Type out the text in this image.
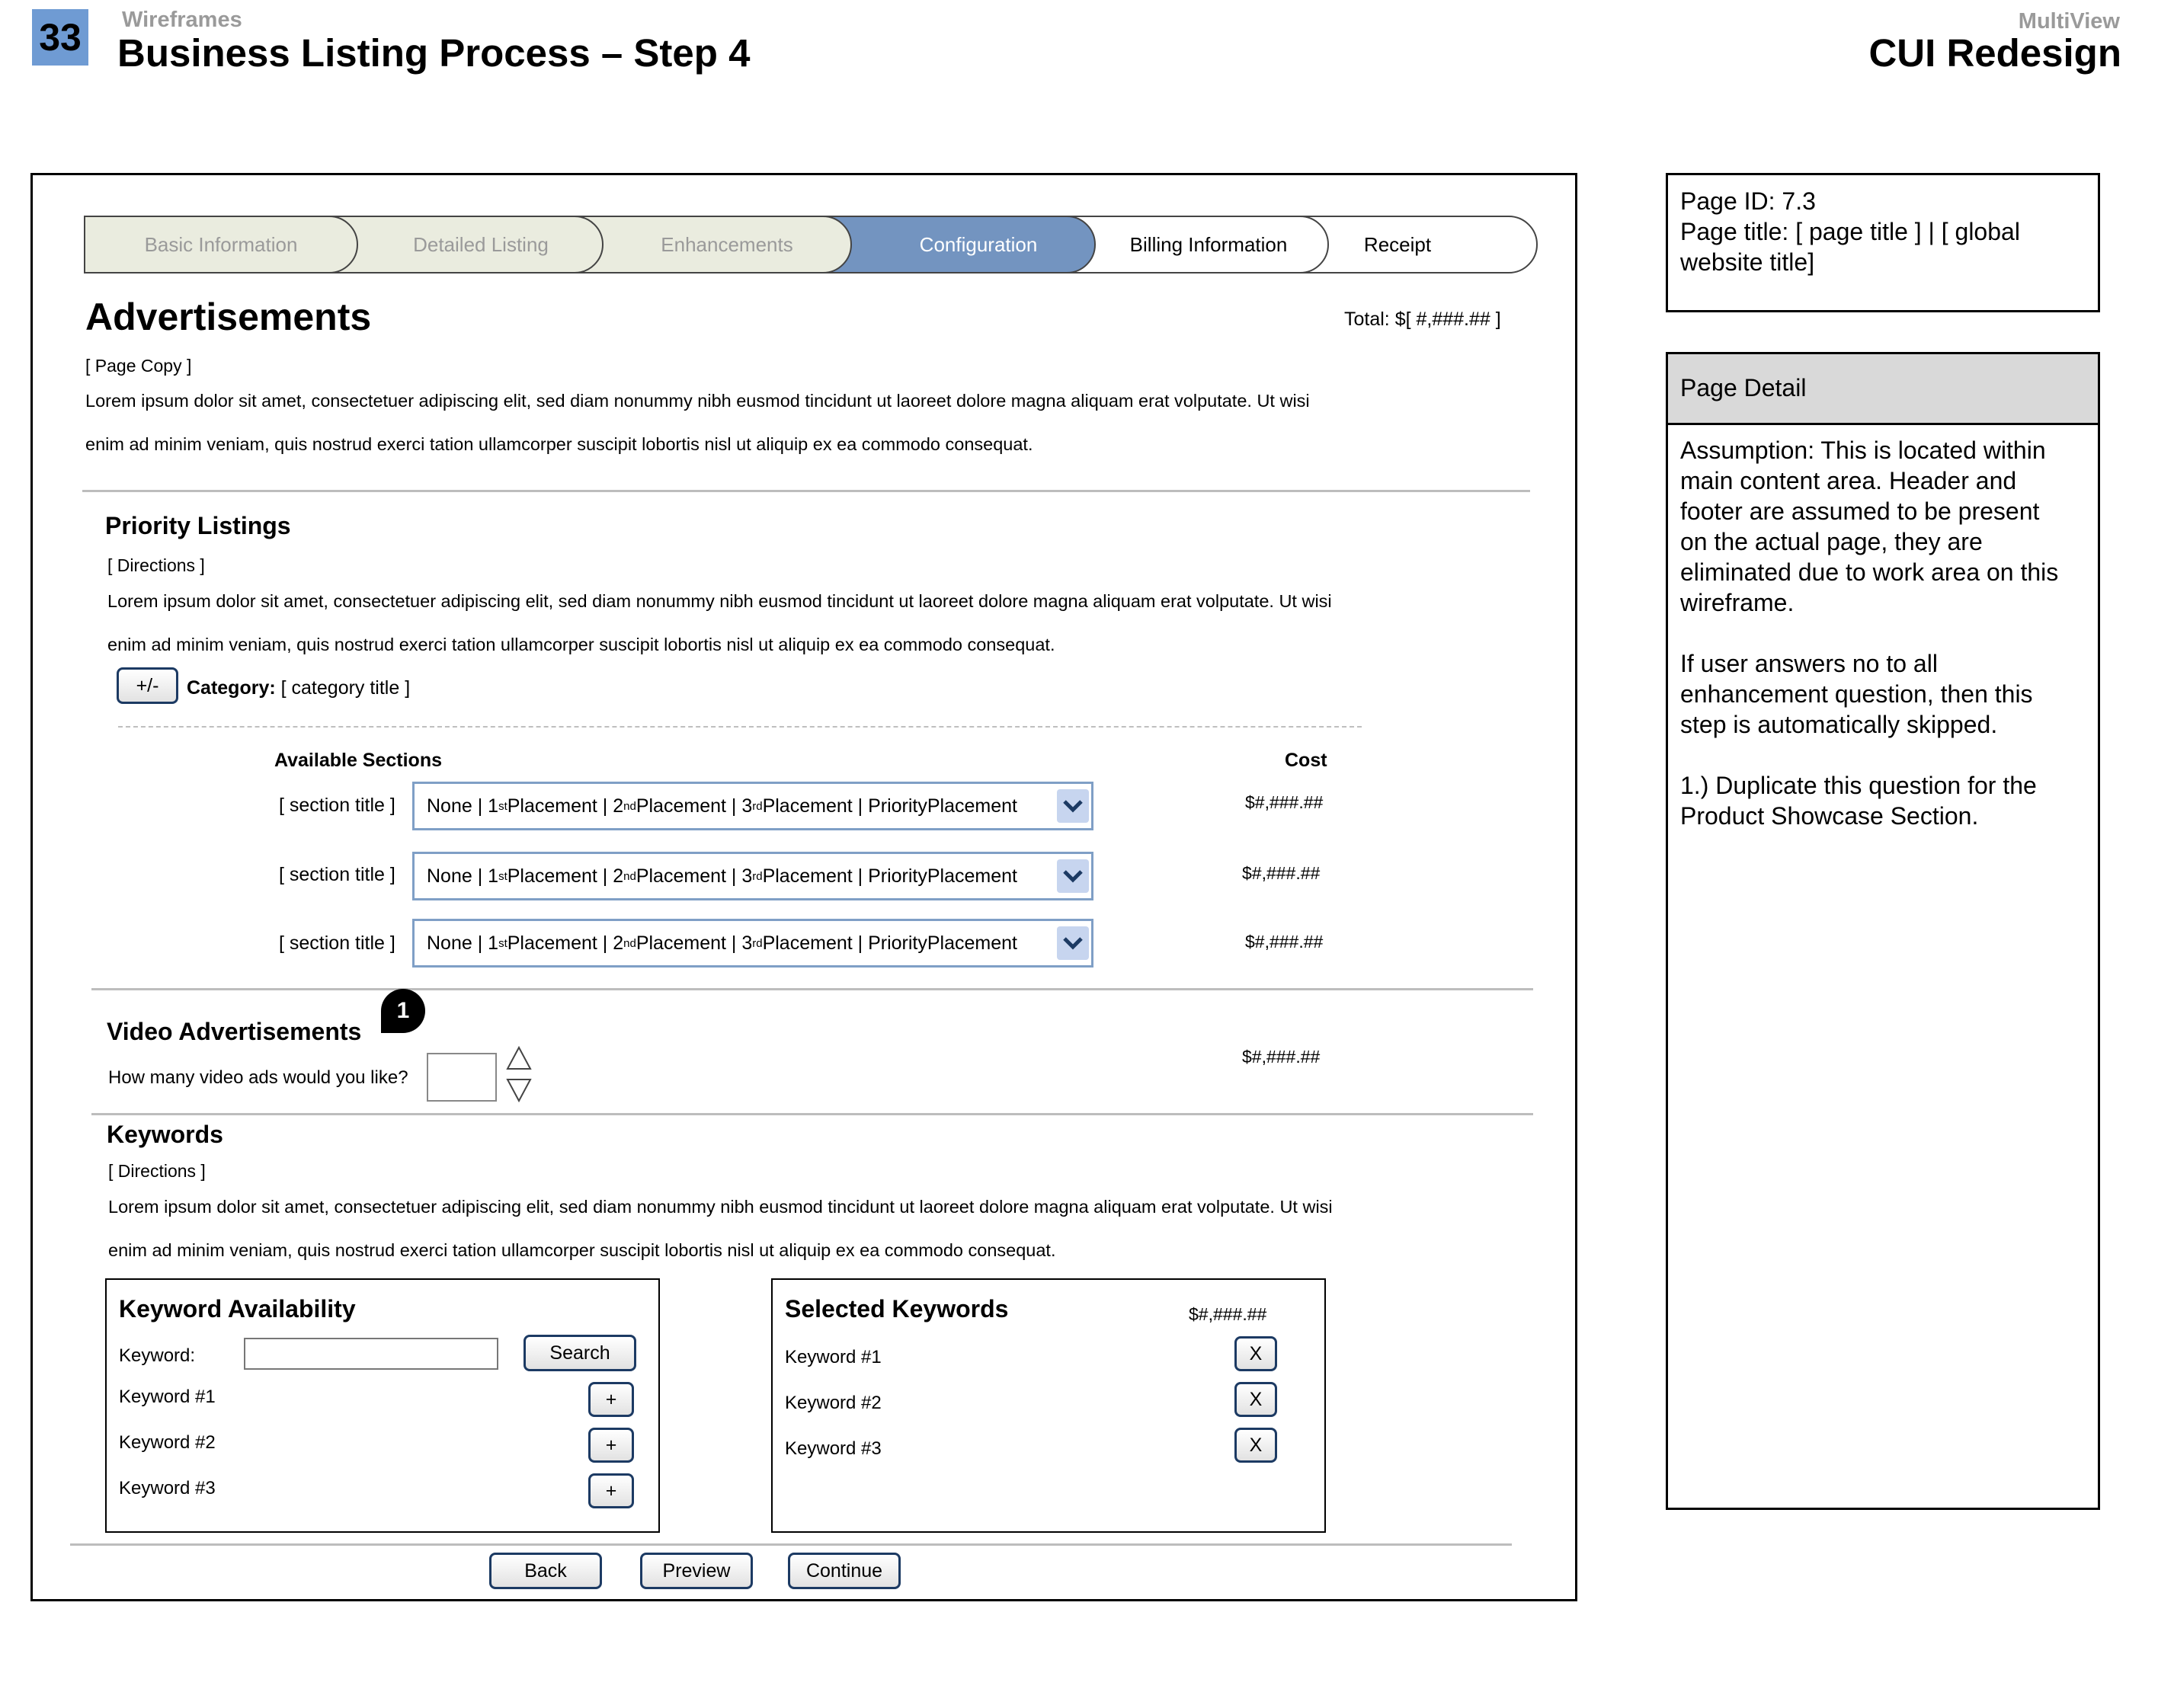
33	Wireframes
Business Listing Process – Step 4
MultiView
CUI Redesign
Receipt
Billing Information
Configuration
Enhancements
Detailed Listing
Basic Information
Advertisements	Total: $[ #,###.## ]
[ Page Copy ]
Lorem ipsum dolor sit amet, consectetuer adipiscing elit, sed diam nonummy nibh eusmod tincidunt ut laoreet dolore magna aliquam erat volputate. Ut wisi
enim ad minim veniam, quis nostrud exerci tation ullamcorper suscipit lobortis nisl ut aliquip ex ea commodo consequat.
Priority Listings
[ Directions ]
Lorem ipsum dolor sit amet, consectetuer adipiscing elit, sed diam nonummy nibh eusmod tincidunt ut laoreet dolore magna aliquam erat volputate. Ut wisi
enim ad minim veniam, quis nostrud exerci tation ullamcorper suscipit lobortis nisl ut aliquip ex ea commodo consequat.
+/- Category: [ category title ]
Available Sections	Cost
[ section title ] None | 1 st Placement | 2 nd Placement | 3 rd Placement | PriorityPlacement	$#,###.##
[ section title ] None | 1 st Placement | 2 nd Placement | 3 rd Placement | PriorityPlacement	$#,###.##
[ section title ] None | 1 st Placement | 2 nd Placement | 3 rd Placement | PriorityPlacement	$#,###.##
Video Advertisements
1
How many video ads would you like?
$#,###.##
Keywords
[ Directions ]
Lorem ipsum dolor sit amet, consectetuer adipiscing elit, sed diam nonummy nibh eusmod tincidunt ut laoreet dolore magna aliquam erat volputate. Ut wisi
enim ad minim veniam, quis nostrud exerci tation ullamcorper suscipit lobortis nisl ut aliquip ex ea commodo consequat.
Keyword Availability
Keyword:	Search
Keyword #1	+
Keyword #2	+
Keyword #3	+
Selected Keywords	$#,###.##
Keyword #1	X
Keyword #2	X
Keyword #3	X
Back	Preview	Continue
Page ID: 7.3
Page title: [ page title ] | [ global
website title]
Page Detail
Assumption: This is located within
main content area. Header and
footer are assumed to be present
on the actual page, they are
eliminated due to work area on this
wireframe.
If user answers no to all
enhancement question, then this
step is automatically skipped.
1.) Duplicate this question for the
Product Showcase Section.
